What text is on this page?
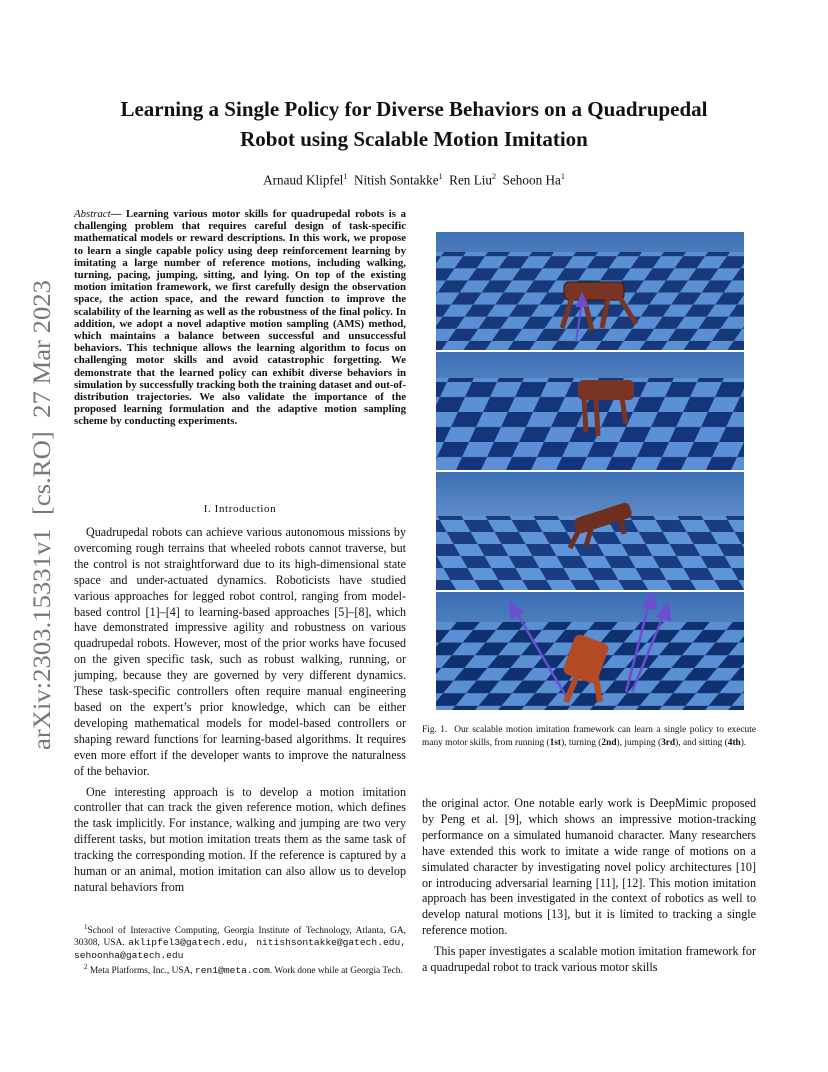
Learning a Single Policy for Diverse Behaviors on a Quadrupedal
Robot using Scalable Motion Imitation
Arnaud Klipfel$^1$ Nitish Sontakke$^1$ Ren Liu$^2$ Sehoon Ha$^1$
arXiv:2303.15331v1  [cs.RO]  27 Mar 2023
Abstract— Learning various motor skills for quadrupedal robots is a challenging problem that requires careful design of task-specific mathematical models or reward descriptions. In this work, we propose to learn a single capable policy using deep reinforcement learning by imitating a large number of reference motions, including walking, turning, pacing, jumping, sitting, and lying. On top of the existing motion imitation framework, we first carefully design the observation space, the action space, and the reward function to improve the scalability of the learning as well as the robustness of the final policy. In addition, we adopt a novel adaptive motion sampling (AMS) method, which maintains a balance between successful and unsuccessful behaviors. This technique allows the learning algorithm to focus on challenging motor skills and avoid catastrophic forgetting. We demonstrate that the learned policy can exhibit diverse behaviors in simulation by successfully tracking both the training dataset and out-of-distribution trajectories. We also validate the importance of the proposed learning formulation and the adaptive motion sampling scheme by conducting experiments.
I. Introduction

Quadrupedal robots can achieve various autonomous missions by overcoming rough terrains that wheeled robots cannot traverse, but the control is not straightforward due to its high-dimensional state space and under-actuated dynamics. Roboticists have studied various approaches for legged robot control, ranging from model-based control [1]–[4] to learning-based approaches [5]–[8], which have demonstrated impressive agility and robustness on various quadrupedal robots. However, most of the prior works have focused on the given specific task, such as robust walking, running, or jumping, because they are governed by very different dynamics. These task-specific controllers often require manual engineering based on the expert’s prior knowledge, which can be either developing mathematical models for model-based controllers or shaping reward functions for learning-based algorithms. It requires even more effort if the developer wants to improve the naturalness of the behavior.

One interesting approach is to develop a motion imitation controller that can track the given reference motion, which defines the task implicitly. For instance, walking and jumping are two very different tasks, but motion imitation treats them as the same task of tracking the corresponding motion. If the reference is captured by a human or an animal, motion imitation can also allow us to develop natural behaviors from

$^1$School of Interactive Computing, Georgia Institute of Technology, Atlanta, GA, 30308, USA. aklipfel3@gatech.edu, nitishsontakke@gatech.edu, sehoonha@gatech.edu

$^2$ Meta Platforms, Inc., USA, ren1@meta.com. Work done while at Georgia Tech.

Fig. 1. Our scalable motion imitation framework can learn a single policy to execute many motor skills, from running (1st), turning (2nd), jumping (3rd), and sitting (4th).

the original actor. One notable early work is DeepMimic proposed by Peng et al. [9], which shows an impressive motion-tracking performance on a simulated humanoid character. Many researchers have extended this work to imitate a wide range of motions on a simulated character by investigating novel policy architectures [10] or introducing adversarial learning [11], [12]. This motion imitation approach has been investigated in the context of robotics as well to develop natural motions [13], but it is limited to tracking a single reference motion.

This paper investigates a scalable motion imitation framework for a quadrupedal robot to track various motor skills
